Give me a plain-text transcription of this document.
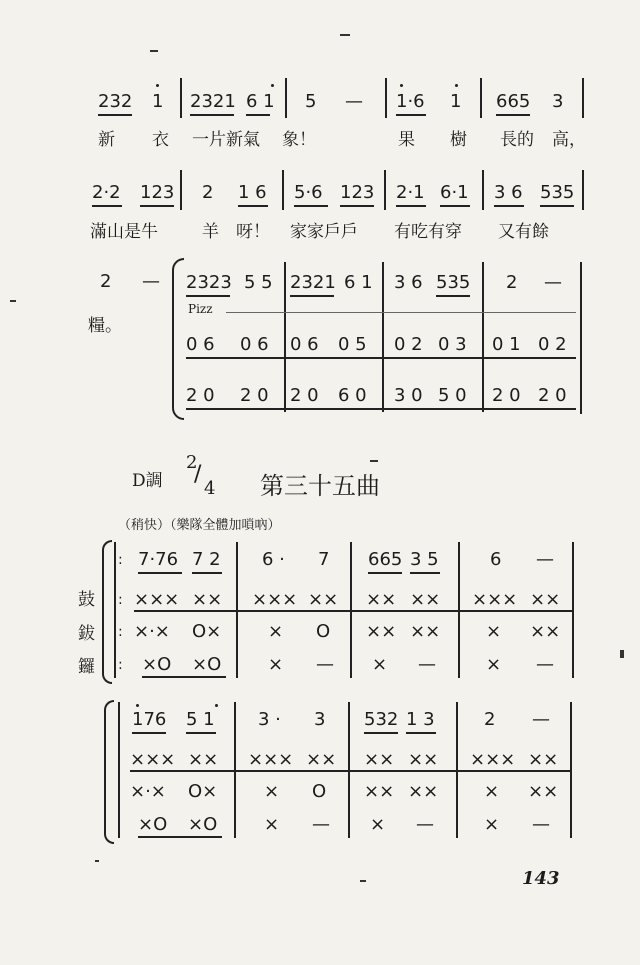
232 1 2321 6 1 5 — 1·6 1 665 3
新 衣 一片新氣 象！	果 樹 長的 高，
2·2 123 2 1 6 5·6 123 2·1 6·1 3 6 535
滿山是牛	羊 呀！ 家家戶戶 有吃有穿 又有餘
2 —
糧。
2323 5 5 2321 6 1 3 6 535 2 —
Pizz
0 6 0 6 0 6 0 5 0 2 0 3 0 1 0 2
2 0 2 0 2 0 6 0 3 0 5 0 2 0 2 0
D調
2
/
4 第三十五曲
（稍快）（樂隊全體加嗩吶）
鼓
鈸
鑼
:
:
:
:
7·76 7 2 6 · 7 665 3 5	6 —
××× ×× ××× ×× ×× ×× ××× ××
×·× O×	× O ×× ××	× ××
×O ×O	× — × —	× —
176 5 1 3 · 3 532 1 3	2 —
××× ×× ××× ×× ×× ×× ××× ××
×·× O×	× O ×× ××	× ××
×O ×O	× — × —	× —
143
